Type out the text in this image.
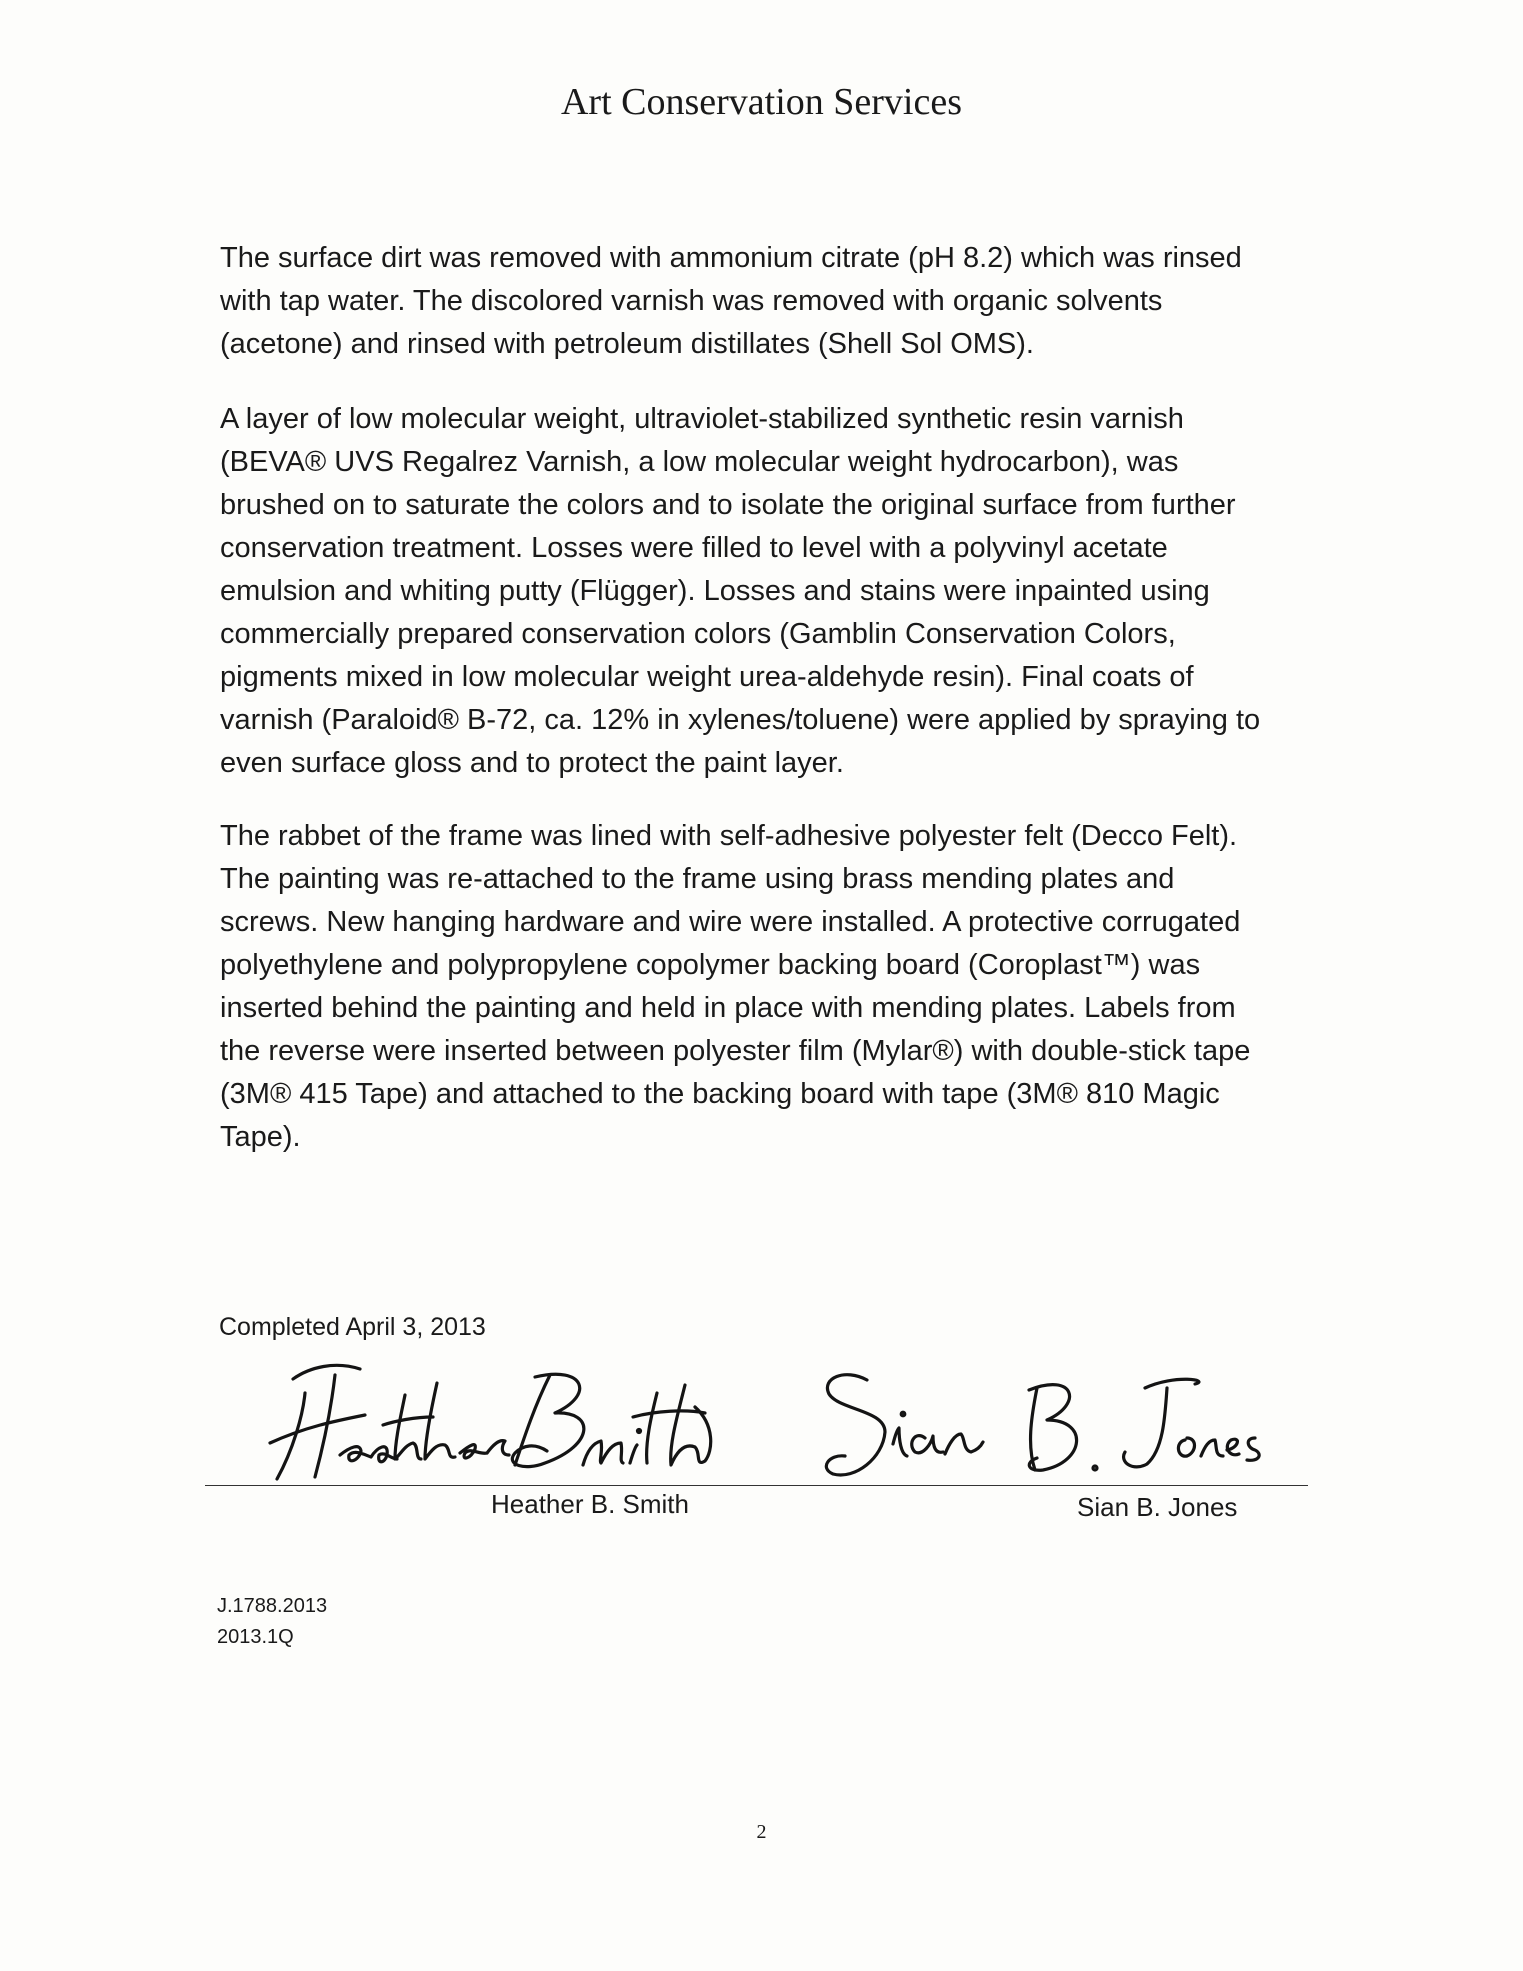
Art Conservation Services
The surface dirt was removed with ammonium citrate (pH 8.2) which was rinsed
with tap water. The discolored varnish was removed with organic solvents
(acetone) and rinsed with petroleum distillates (Shell Sol OMS).
A layer of low molecular weight, ultraviolet-stabilized synthetic resin varnish
(BEVA® UVS Regalrez Varnish, a low molecular weight hydrocarbon), was
brushed on to saturate the colors and to isolate the original surface from further
conservation treatment. Losses were filled to level with a polyvinyl acetate
emulsion and whiting putty (Flügger). Losses and stains were inpainted using
commercially prepared conservation colors (Gamblin Conservation Colors,
pigments mixed in low molecular weight urea-aldehyde resin). Final coats of
varnish (Paraloid® B-72, ca. 12% in xylenes/toluene) were applied by spraying to
even surface gloss and to protect the paint layer.
The rabbet of the frame was lined with self-adhesive polyester felt (Decco Felt).
The painting was re-attached to the frame using brass mending plates and
screws. New hanging hardware and wire were installed. A protective corrugated
polyethylene and polypropylene copolymer backing board (Coroplast™) was
inserted behind the painting and held in place with mending plates. Labels from
the reverse were inserted between polyester film (Mylar®) with double-stick tape
(3M® 415 Tape) and attached to the backing board with tape (3M® 810 Magic
Tape).
Completed April 3, 2013
Heather B. Smith	Sian B. Jones
J.1788.2013
2013.1Q
2
